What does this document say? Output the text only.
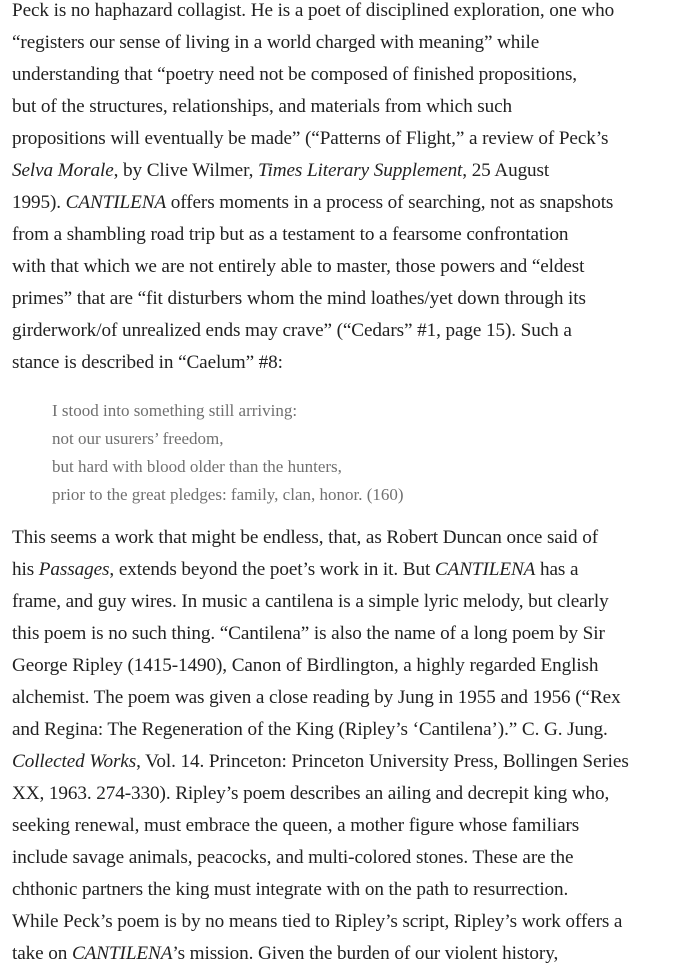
Peck is no haphazard collagist. He is a poet of disciplined exploration, one who “registers our sense of living in a world charged with meaning” while understanding that “poetry need not be composed of finished propositions, but of the structures, relationships, and materials from which such propositions will eventually be made” (“Patterns of Flight,” a review of Peck’s Selva Morale, by Clive Wilmer, Times Literary Supplement, 25 August 1995). CANTILENA offers moments in a process of searching, not as snapshots from a shambling road trip but as a testament to a fearsome confrontation with that which we are not entirely able to master, those powers and “eldest primes” that are “fit disturbers whom the mind loathes/yet down through its girderwork/of unrealized ends may crave” (“Cedars” #1, page 15). Such a stance is described in “Caelum” #8:

I stood into something still arriving:
not our usurers’ freedom,
but hard with blood older than the hunters,
prior to the great pledges: family, clan, honor. (160)

This seems a work that might be endless, that, as Robert Duncan once said of his Passages, extends beyond the poet’s work in it. But CANTILENA has a frame, and guy wires. In music a cantilena is a simple lyric melody, but clearly this poem is no such thing. “Cantilena” is also the name of a long poem by Sir George Ripley (1415-1490), Canon of Birdlington, a highly regarded English alchemist. The poem was given a close reading by Jung in 1955 and 1956 (“Rex and Regina: The Regeneration of the King (Ripley’s ‘Cantilena’).” C. G. Jung. Collected Works, Vol. 14. Princeton: Princeton University Press, Bollingen Series XX, 1963. 274-330). Ripley’s poem describes an ailing and decrepit king who, seeking renewal, must embrace the queen, a mother figure whose familiars include savage animals, peacocks, and multi-colored stones. These are the chthonic partners the king must integrate with on the path to resurrection. While Peck’s poem is by no means tied to Ripley’s script, Ripley’s work offers a take on CANTILENA’s mission. Given the burden of our violent history,
